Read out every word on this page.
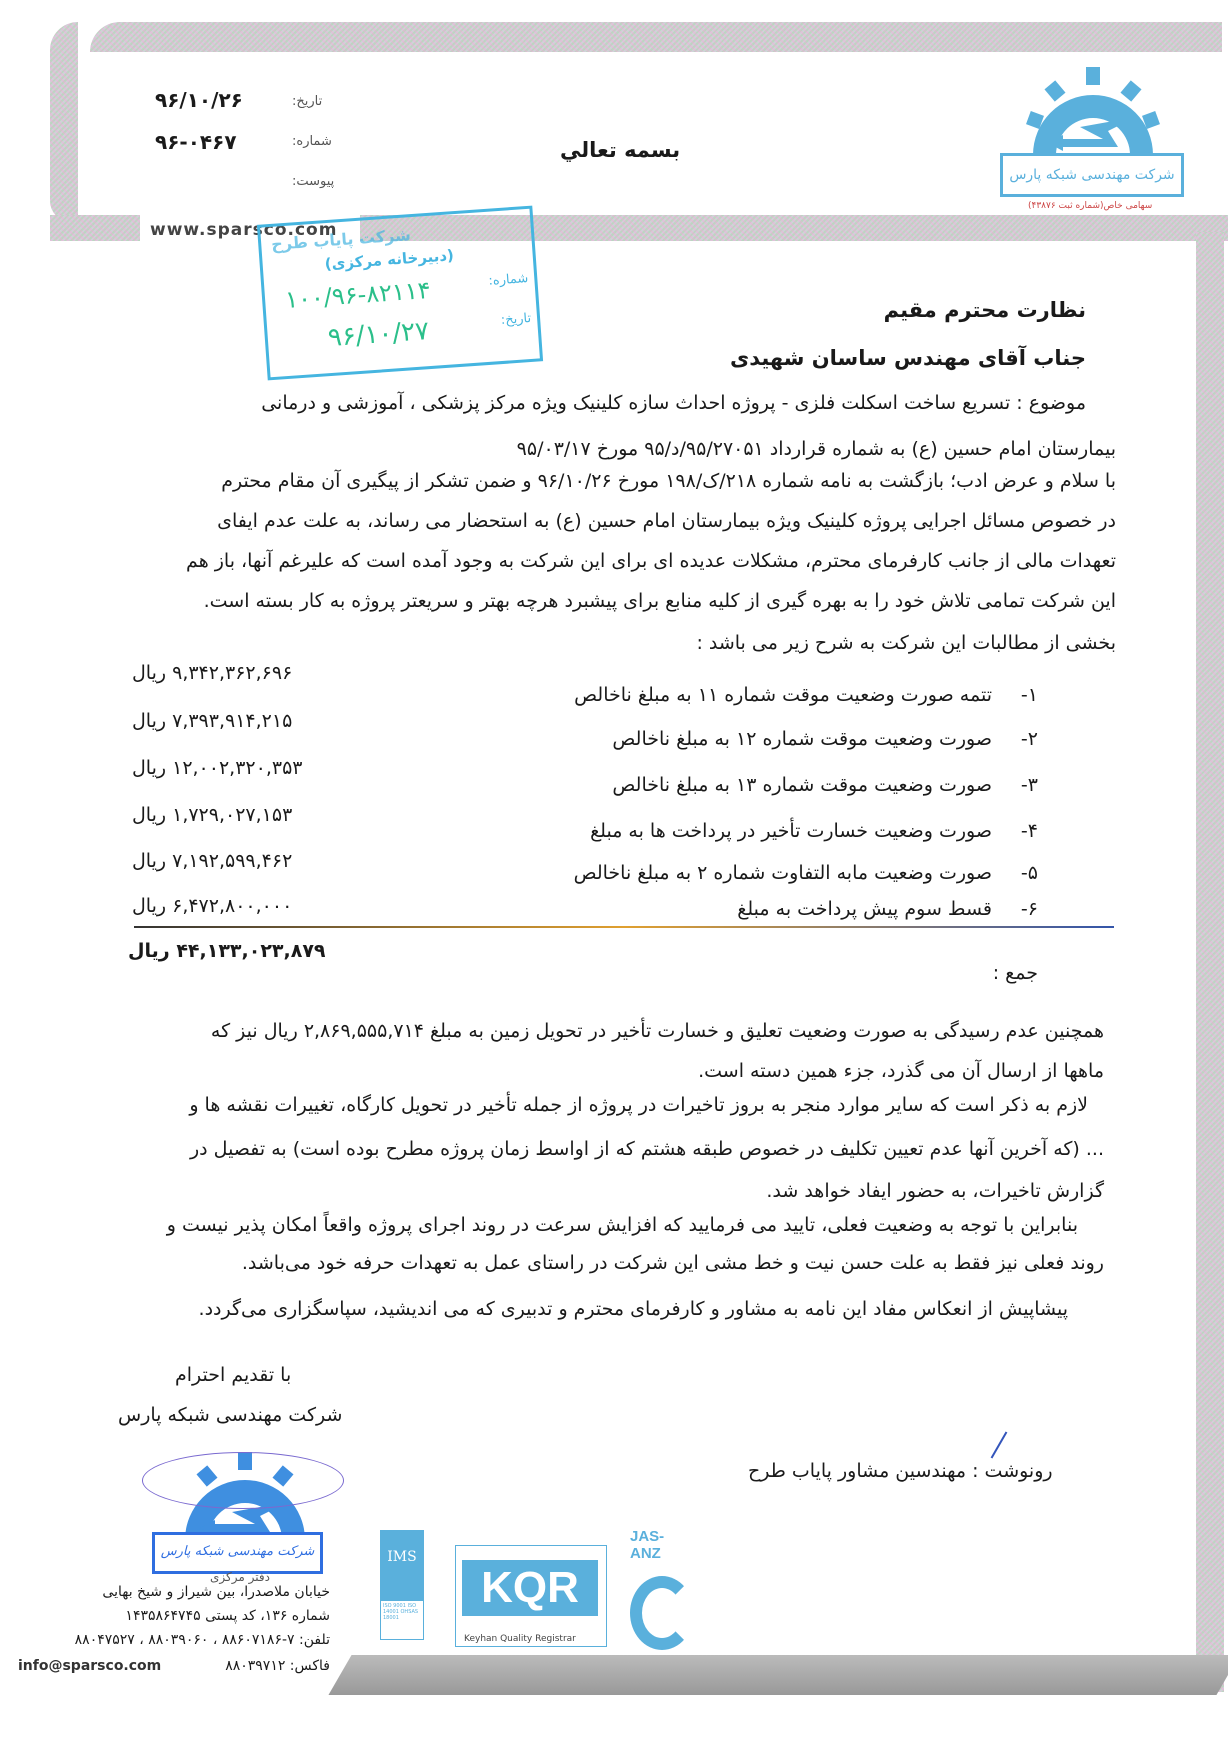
تاریخ:
۹۶/۱۰/۲۶
شماره:
۹۶-۰۴۶۷
پیوست:
بسمه تعالي
www.sparsco.com
شرکت مهندسی شبکه پارس
سهامی خاص(شماره ثبت ۴۳۸۷۶)
شرکت پایاب طرح
(دبیرخانه مرکزی)
شماره:
۱۰۰/۹۶-۸۲۱۱۴
تاریخ:
۹۶/۱۰/۲۷
نظارت محترم مقیم
جناب آقای مهندس ساسان شهیدی
موضوع : تسریع ساخت اسکلت فلزی - پروژه احداث سازه کلینیک ویژه مرکز پزشکی ، آموزشی و درمانی
بیمارستان امام حسین (ع) به شماره قرارداد ۹۵/۲۷۰۵۱/د/۹۵ مورخ ۹۵/۰۳/۱۷
با سلام و عرض ادب؛ بازگشت به نامه شماره ۲۱۸/ک/۱۹۸ مورخ ۹۶/۱۰/۲۶ و ضمن تشکر از پیگیری آن مقام محترم
در خصوص مسائل اجرایی پروژه کلینیک ویژه بیمارستان امام حسین (ع) به استحضار می رساند، به علت عدم ایفای
تعهدات مالی از جانب کارفرمای محترم، مشکلات عدیده ای برای این شرکت به وجود آمده است که علیرغم آنها، باز هم
این شرکت تمامی تلاش خود را به بهره گیری از کلیه منابع برای پیشبرد هرچه بهتر و سریعتر پروژه به کار بسته است.
بخشی از مطالبات این شرکت به شرح زیر می باشد :
۱-
تتمه صورت وضعیت موقت شماره ۱۱ به مبلغ ناخالص
۹,۳۴۲,۳۶۲,۶۹۶ ریال
۲-
صورت وضعیت موقت شماره ۱۲ به مبلغ ناخالص
۷,۳۹۳,۹۱۴,۲۱۵ ریال
۳-
صورت وضعیت موقت شماره ۱۳ به مبلغ ناخالص
۱۲,۰۰۲,۳۲۰,۳۵۳ ریال
۴-
صورت وضعیت خسارت تأخیر در پرداخت ها به مبلغ
۱,۷۲۹,۰۲۷,۱۵۳ ریال
۵-
صورت وضعیت مابه التفاوت شماره ۲ به مبلغ ناخالص
۷,۱۹۲,۵۹۹,۴۶۲ ریال
۶-
قسط سوم پیش پرداخت به مبلغ
۶,۴۷۲,۸۰۰,۰۰۰ ریال
۴۴,۱۳۳,۰۲۳,۸۷۹ ریال
جمع :
همچنین عدم رسیدگی به صورت وضعیت تعلیق و خسارت تأخیر در تحویل زمین به مبلغ ۲,۸۶۹,۵۵۵,۷۱۴ ریال نیز که
ماهها از ارسال آن می گذرد، جزء همین دسته است.
لازم به ذکر است که سایر موارد منجر به بروز تاخیرات در پروژه از جمله تأخیر در تحویل کارگاه، تغییرات نقشه ها و
... (که آخرین آنها عدم تعیین تکلیف در خصوص طبقه هشتم که از اواسط زمان پروژه مطرح بوده است) به تفصیل در
گزارش تاخیرات، به حضور ایفاد خواهد شد.
بنابراین با توجه به وضعیت فعلی، تایید می فرمایید که افزایش سرعت در روند اجرای پروژه واقعاً امکان پذیر نیست و
روند فعلی نیز فقط به علت حسن نیت و خط مشی این شرکت در راستای عمل به تعهدات حرفه خود می‌باشد.
پیشاپیش از انعکاس مفاد این نامه به مشاور و کارفرمای محترم و تدبیری که می اندیشید، سپاسگزاری می‌گردد.
با تقدیم احترام
شرکت مهندسی شبکه پارس
رونوشت : مهندسین مشاور پایاب طرح
شرکت مهندسی شبکه پارس
دفتر مرکزی
خیابان ملاصدرا، بین شیراز و شیخ بهایی
شماره ۱۳۶، کد پستی ۱۴۳۵۸۶۴۷۴۵
تلفن: ۷-۸۸۶۰۷۱۸۶ ، ۸۸۰۳۹۰۶۰ ، ۸۸۰۴۷۵۲۷
فاکس: ۸۸۰۳۹۷۱۲
info@sparsco.com
IMS
ISO 9001 ISO 14001 OHSAS 18001
KQR
Keyhan Quality Registrar
JAS-ANZ
